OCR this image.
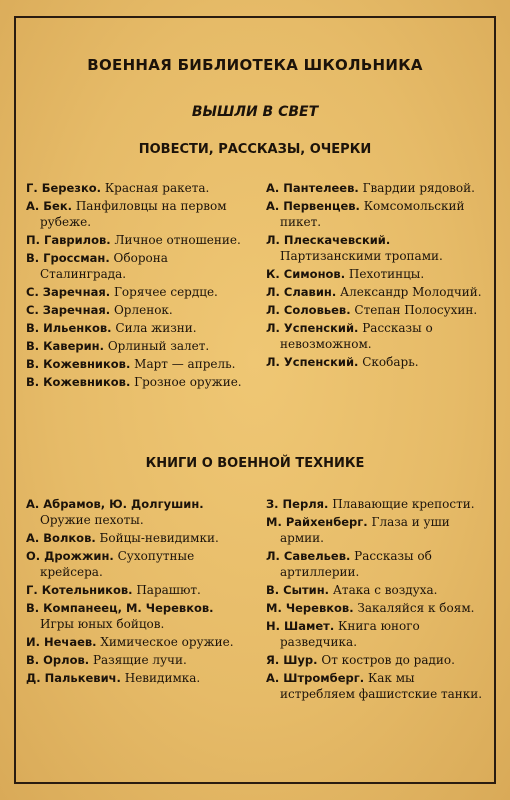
ВОЕННАЯ БИБЛИОТЕКА ШКОЛЬНИКА
ВЫШЛИ В СВЕТ
ПОВЕСТИ, РАССКАЗЫ, ОЧЕРКИ
Г. Березко. Красная ракета.
А. Бек. Панфиловцы на первом рубеже.
П. Гаврилов. Личное отношение.
В. Гроссман. Оборона Сталинграда.
С. Заречная. Горячее сердце.
С. Заречная. Орленок.
В. Ильенков. Сила жизни.
В. Каверин. Орлиный залет.
В. Кожевников. Март — апрель.
В. Кожевников. Грозное оружие.
А. Пантелеев. Гвардии рядовой.
А. Первенцев. Комсомольский пикет.
Л. Плескачевский.Партизанскими тропами.
К. Симонов. Пехотинцы.
Л. Славин. Александр Молодчий.
Л. Соловьев. Степан Полосухин.
Л. Успенский. Рассказы о невозможном.
Л. Успенский. Скобарь.
КНИГИ О ВОЕННОЙ ТЕХНИКЕ
А. Абрамов, Ю. Долгушин.Оружие пехоты.
А. Волков. Бойцы-невидимки.
О. Дрожжин. Сухопутные крейсера.
Г. Котельников. Парашют.
В. Компанеец, М. Черевков.Игры юных бойцов.
И. Нечаев. Химическое оружие.
В. Орлов. Разящие лучи.
Д. Палькевич. Невидимка.
З. Перля. Плавающие крепости.
М. Райхенберг. Глаза и уши армии.
Л. Савельев. Рассказы об артиллерии.
В. Сытин. Атака с воздуха.
М. Черевков. Закаляйся к боям.
Н. Шамет. Книга юного разведчика.
Я. Шур. От костров до радио.
А. Штромберг. Как мы истребляем фашистские танки.
